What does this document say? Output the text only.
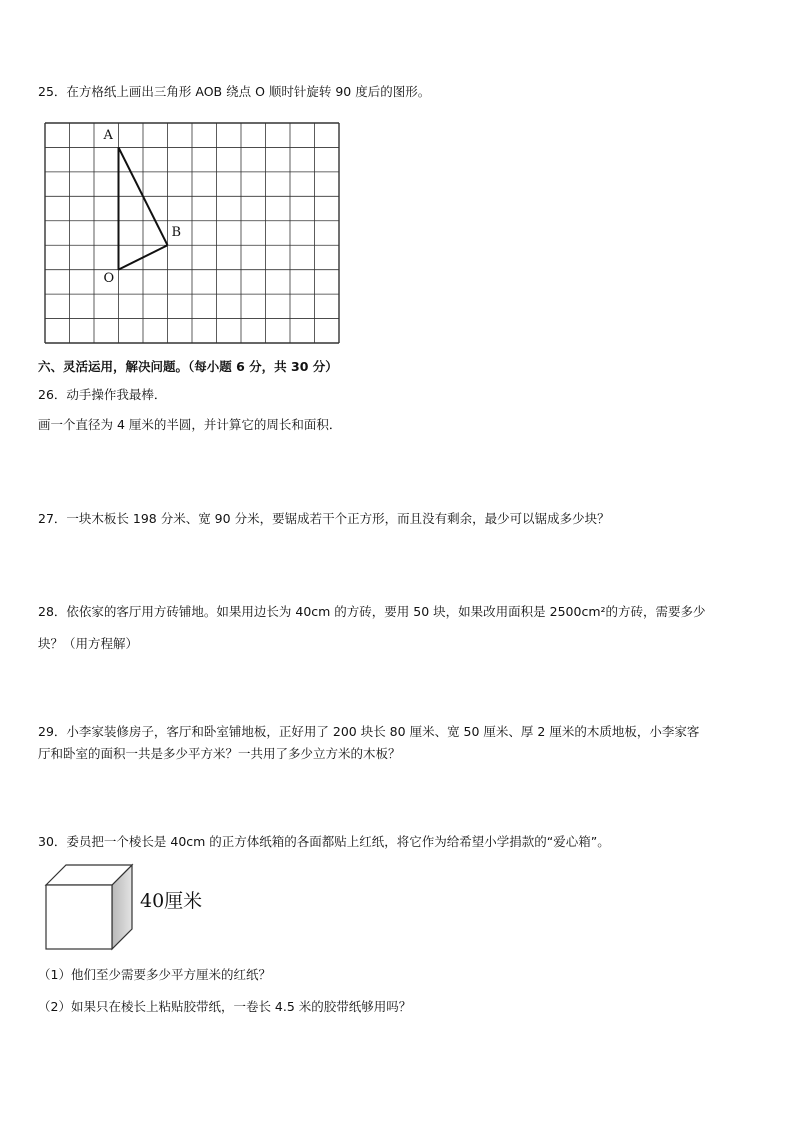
25．在方格纸上画出三角形 AOB 绕点 O 顺时针旋转 90 度后的图形。
A
B
O
六、灵活运用，解决问题。（每小题 6 分，共 30 分）
26．动手操作我最棒．
画一个直径为 4 厘米的半圆，并计算它的周长和面积．
27．一块木板长 198 分米、宽 90 分米，要锯成若干个正方形，而且没有剩余，最少可以锯成多少块？
28．依依家的客厅用方砖铺地。如果用边长为 40cm 的方砖，要用 50 块，如果改用面积是 2500cm²的方砖，需要多少
块？（用方程解）
29．小李家装修房子，客厅和卧室铺地板，正好用了 200 块长 80 厘米、宽 50 厘米、厚 2 厘米的木质地板，小李家客
厅和卧室的面积一共是多少平方米？一共用了多少立方米的木板？
30．委员把一个棱长是 40cm 的正方体纸箱的各面都贴上红纸，将它作为给希望小学捐款的“爱心箱”。
40厘米
（1）他们至少需要多少平方厘米的红纸？
（2）如果只在棱长上粘贴胶带纸，一卷长 4.5 米的胶带纸够用吗？
